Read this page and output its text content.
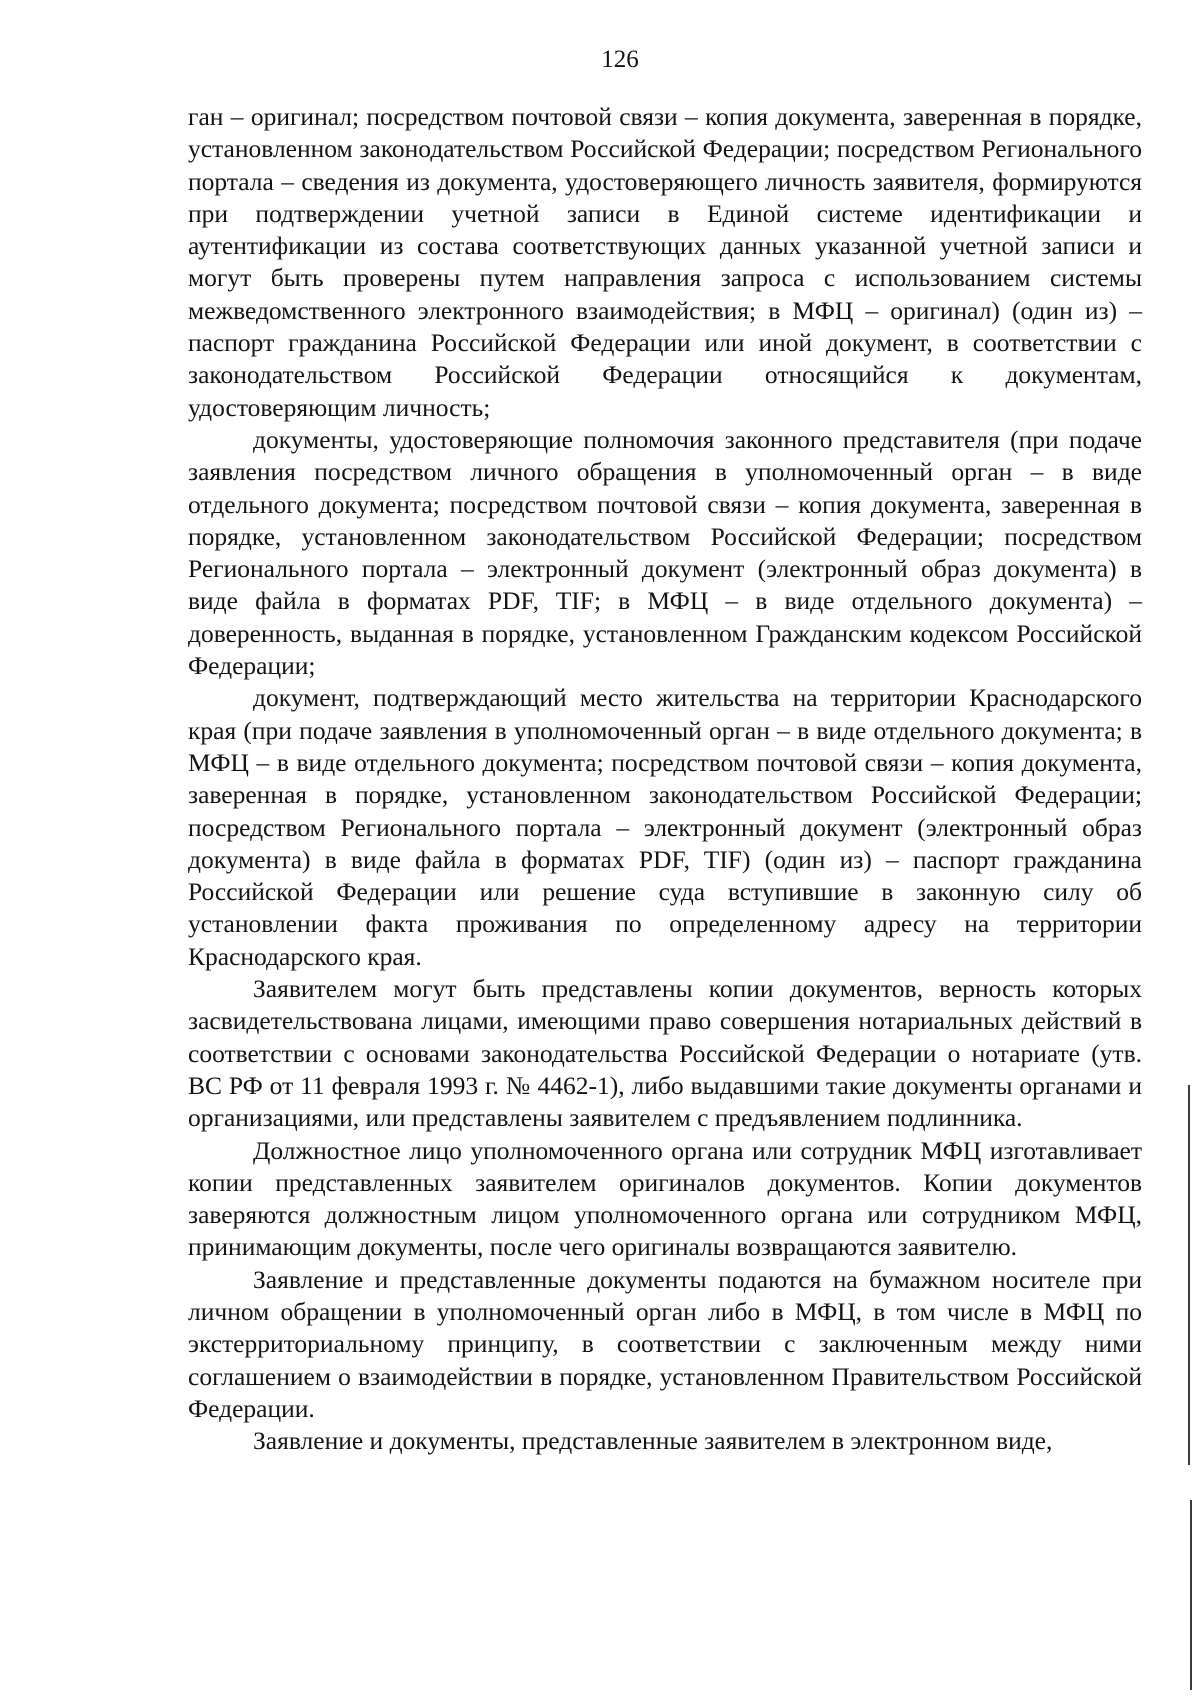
126

ган – оригинал; посредством почтовой связи – копия документа, заверенная в порядке, установленном законодательством Российской Федерации; посредством Регионального портала – сведения из документа, удостоверяющего личность заявителя, формируются при подтверждении учетной записи в Единой системе идентификации и аутентификации из состава соответствующих данных указанной учетной записи и могут быть проверены путем направления запроса с использованием системы межведомственного электронного взаимодействия; в МФЦ – оригинал) (один из) – паспорт гражданина Российской Федерации или иной документ, в соответствии с законодательством Российской Федерации относящийся к документам, удостоверяющим личность;

документы, удостоверяющие полномочия законного представителя (при подаче заявления посредством личного обращения в уполномоченный орган – в виде отдельного документа; посредством почтовой связи – копия документа, заверенная в порядке, установленном законодательством Российской Федерации; посредством Регионального портала – электронный документ (электронный образ документа) в виде файла в форматах PDF, TIF; в МФЦ – в виде отдельного документа) – доверенность, выданная в порядке, установленном Гражданским кодексом Российской Федерации;

документ, подтверждающий место жительства на территории Краснодарского края (при подаче заявления в уполномоченный орган – в виде отдельного документа; в МФЦ – в виде отдельного документа; посредством почтовой связи – копия документа, заверенная в порядке, установленном законодательством Российской Федерации; посредством Регионального портала – электронный документ (электронный образ документа) в виде файла в форматах PDF, TIF) (один из) – паспорт гражданина Российской Федерации или решение суда вступившие в законную силу об установлении факта проживания по определенному адресу на территории Краснодарского края.

Заявителем могут быть представлены копии документов, верность которых засвидетельствована лицами, имеющими право совершения нотариальных действий в соответствии с основами законодательства Российской Федерации о нотариате (утв. ВС РФ от 11 февраля 1993 г. № 4462-1), либо выдавшими такие документы органами и организациями, или представлены заявителем с предъявлением подлинника.

Должностное лицо уполномоченного органа или сотрудник МФЦ изготавливает копии представленных заявителем оригиналов документов. Копии документов заверяются должностным лицом уполномоченного органа или сотрудником МФЦ, принимающим документы, после чего оригиналы возвращаются заявителю.

Заявление и представленные документы подаются на бумажном носителе при личном обращении в уполномоченный орган либо в МФЦ, в том числе в МФЦ по экстерриториальному принципу, в соответствии с заключенным между ними соглашением о взаимодействии в порядке, установленном Правительством Российской Федерации.

Заявление и документы, представленные заявителем в электронном виде,
